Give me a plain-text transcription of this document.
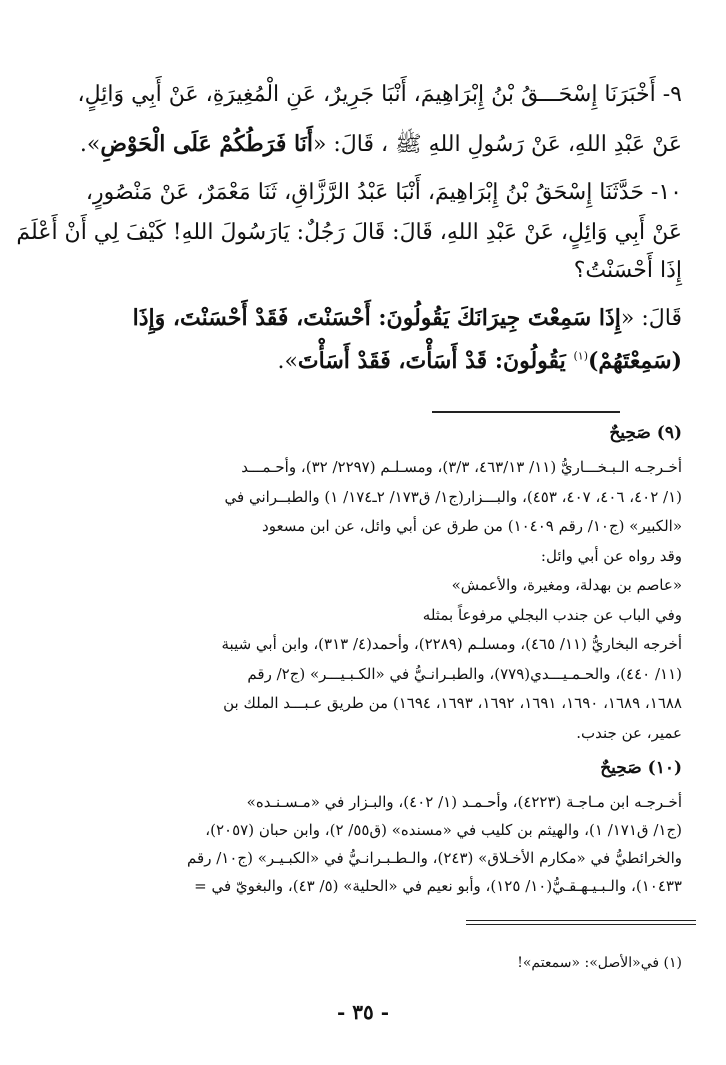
٩- أَخْبَرَنَا إِسْحَـــقُ بْنُ إِبْرَاهِيمَ، أَنْبَا جَرِيرٌ، عَنِ الْمُغِيرَةِ، عَنْ أَبِي وَائِلٍ،
عَنْ عَبْدِ اللهِ، عَنْ رَسُولِ اللهِ ﷺ ، قَالَ: «أَنَا فَرَطُكُمْ عَلَى الْحَوْضِ».
١٠- حَدَّثَنَا إِسْحَقُ بْنُ إِبْرَاهِيمَ، أَنْبَا عَبْدُ الرَّزَّاقِ، ثَنَا مَعْمَرٌ، عَنْ مَنْصُورٍ،
عَنْ أَبِي وَائِلٍ، عَنْ عَبْدِ اللهِ، قَالَ: قَالَ رَجُلٌ: يَارَسُولَ اللهِ! كَيْفَ لِي أَنْ أَعْلَمَ
إِذَا أَحْسَنْتُ؟
قَالَ: «إِذَا سَمِعْتَ جِيرَانَكَ يَقُولُونَ: أَحْسَنْتَ، فَقَدْ أَحْسَنْتَ، وَإِذَا
(سَمِعْتَهُمْ)$^{(١)}$ يَقُولُونَ: قَدْ أَسَأْتَ، فَقَدْ أَسَأْتَ».
(٩) صَحِيحٌ
أخـرجـه الـبـخـــاريُّ (١١/ ٤٦٣/١٣، ٣/٣)، ومسـلـم (٢٢٩٧/ ٣٢)، وأحـمـــد
(١/ ٤٠٢، ٤٠٦، ٤٠٧، ٤٥٣)، والبـــزار(ج١/ ق١٧٣/ ٢ـ١٧٤/ ١) والطبــراني في
«الكبير» (ج١٠/ رقم ١٠٤٠٩) من طرق عن أبي وائل، عن ابن مسعود
وقد رواه عن أبي وائل:
«عاصم بن بهدلة، ومغيرة، والأعمش»
وفي الباب عن جندب البجلي مرفوعاً بمثله
أخرجه البخاريُّ (١١/ ٤٦٥)، ومسلـم (٢٢٨٩)، وأحمد(٤/ ٣١٣)، وابن أبي شيبة
(١١/ ٤٤٠)، والحـمـيـــدي(٧٧٩)، والطبـرانـيُّ في «الكـبـيـــر» (ج٢/ رقم
١٦٨٨، ١٦٨٩، ١٦٩٠، ١٦٩١، ١٦٩٢، ١٦٩٣، ١٦٩٤) من طريق عـبـــد الملك بن
عمير، عن جندب.
(١٠) صَحِيحٌ
أخـرجـه ابن مـاجـة (٤٢٢٣)، وأحـمـد (١/ ٤٠٢)، والبـزار في «مـسـنـده»
(ج١/ ق١٧١/ ١)، والهيثم بن كليب في «مسنده» (ق٥٥/ ٢)، وابن حبان (٢٠٥٧)،
والخرائطيُّ في «مكارم الأخـلاق» (٢٤٣)، والـطـبـرانـيُّ في «الكبـيـر» (ج١٠/ رقم
١٠٤٣٣)، والـبـيـهـقـيُّ(١٠/ ١٢٥)، وأبو نعيم في «الحلية» (٥/ ٤٣)، والبغويّ في =
(١) في«الأصل»: «سمعتم»!
- ٣٥ -
